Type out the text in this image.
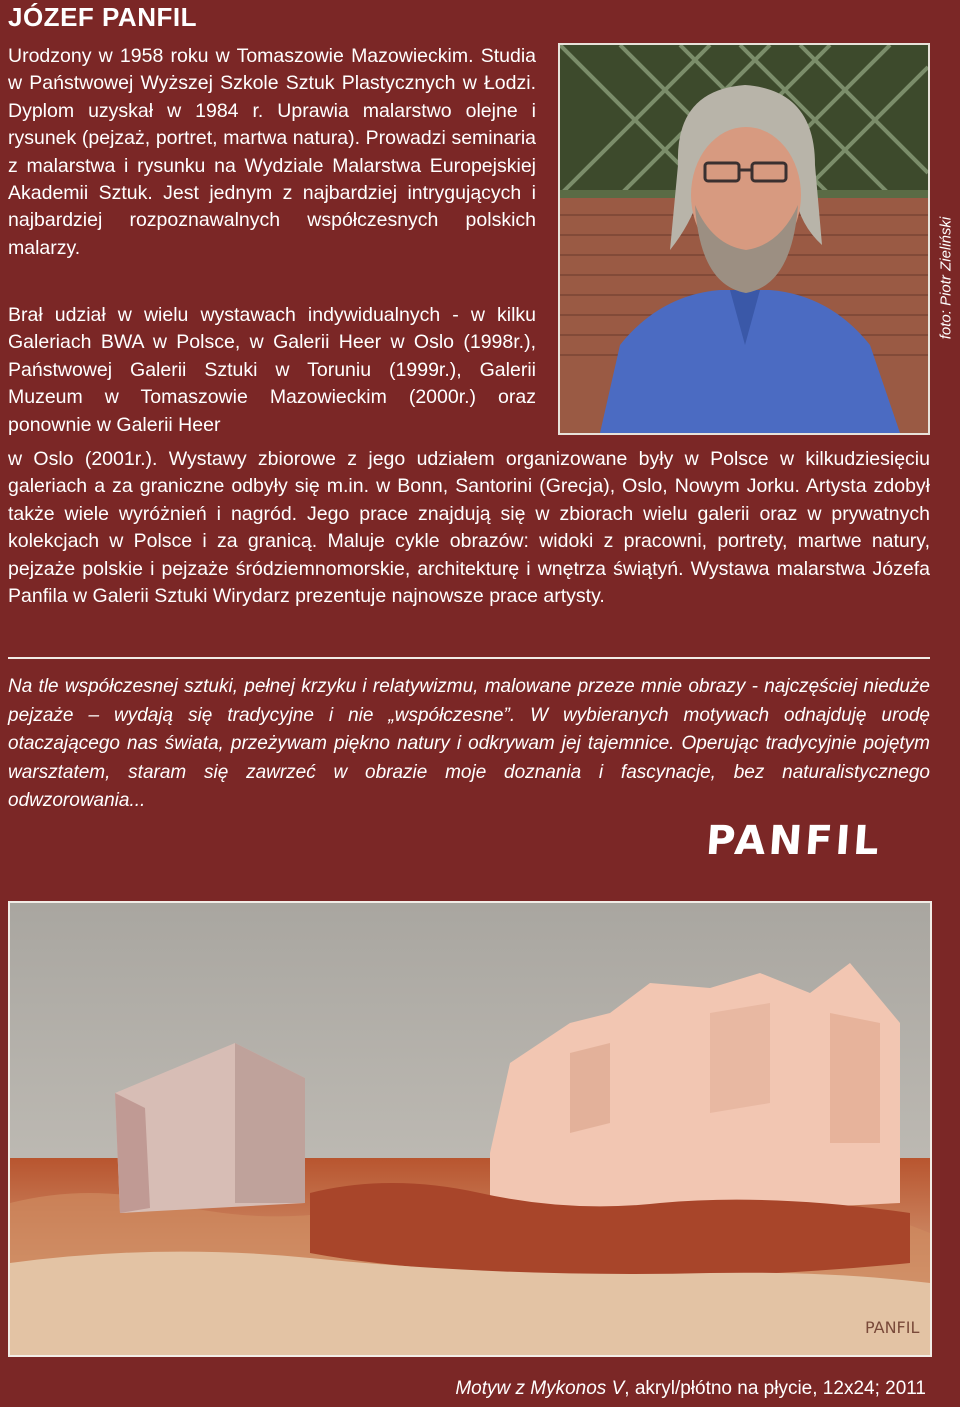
JÓZEF PANFIL

Urodzony w 1958 roku w Tomaszowie Mazowieckim. Studia w Państwowej Wyższej Szkole Sztuk Plastycznych w Łodzi. Dyplom uzyskał w 1984 r. Uprawia malarstwo olejne i rysunek (pejzaż, portret, martwa natura). Prowadzi seminaria z malarstwa i rysunku na Wydziale Malarstwa Europejskiej Akademii Sztuk. Jest jednym z najbardziej intrygujących i najbardziej rozpoznawalnych współczesnych polskich malarzy.

Brał udział w wielu wystawach indywidualnych - w kilku Galeriach BWA w Polsce, w Galerii Heer w Oslo (1998r.), Państwowej Galerii Sztuki w Toruniu (1999r.), Galerii Muzeum w Tomaszowie Mazowieckim (2000r.) oraz ponownie w Galerii Heer

foto: Piotr Zieliński

w Oslo (2001r.). Wystawy zbiorowe z jego udziałem organizowane były w Polsce w kilkudziesięciu galeriach a za graniczne odbyły się m.in. w Bonn, Santorini (Grecja), Oslo, Nowym Jorku. Artysta zdobył także wiele wyróżnień i nagród. Jego prace znajdują się w zbiorach wielu galerii oraz w prywatnych kolekcjach w Polsce i za granicą. Maluje cykle obrazów: widoki z pracowni, portrety, martwe natury, pejzaże polskie i pejzaże śródziemnomorskie, architekturę i wnętrza świątyń. Wystawa malarstwa Józefa Panfila w Galerii Sztuki Wirydarz prezentuje najnowsze prace artysty.

Na tle współczesnej sztuki, pełnej krzyku i relatywizmu, malowane przeze mnie obrazy - najczęściej nieduże pejzaże – wydają się tradycyjne i nie „współczesne”. W wybieranych motywach odnajduję urodę otaczającego nas świata, przeżywam piękno natury i odkrywam jej tajemnice. Operując tradycyjnie pojętym warsztatem, staram się zawrzeć w obrazie moje doznania i fascynacje, bez naturalistycznego odwzorowania...

PANFIL
PANFIL
Motyw z Mykonos V, akryl/płótno na płycie, 12x24; 2011
